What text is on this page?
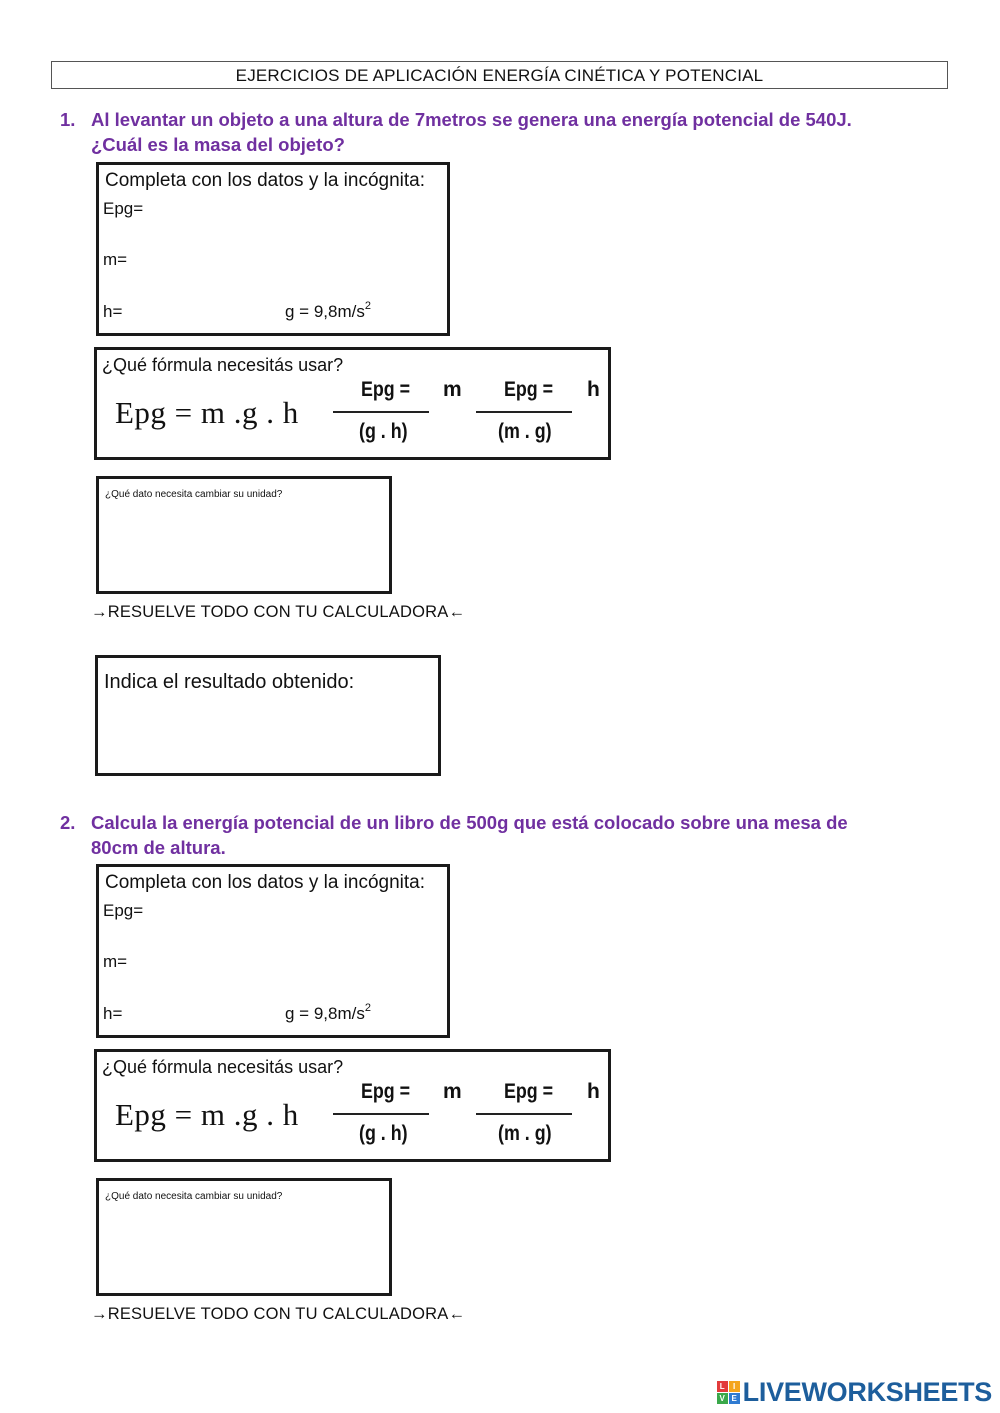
EJERCICIOS DE APLICACIÓN ENERGÍA CINÉTICA Y POTENCIAL
1. Al levantar un objeto a una altura de 7metros se genera una energía potencial de 540J.
¿Cuál es la masa del objeto?
Completa con los datos y la incógnita:
Epg=
m=
h=	$g = 9,8m/s^2$
¿Qué fórmula necesitás usar?
Epg = m .g . h
Epg = m
(g . h)
Epg = h
(m . g)
¿Qué dato necesita cambiar su unidad?
→RESUELVE TODO CON TU CALCULADORA←
Indica el resultado obtenido:
2. Calcula la energía potencial de un libro de 500g que está colocado sobre una mesa de
80cm de altura.
Completa con los datos y la incógnita:
Epg=
m=
h=	$g = 9,8m/s^2$
¿Qué fórmula necesitás usar?
Epg = m .g . h
Epg = m
(g . h)
Epg = h
(m . g)
¿Qué dato necesita cambiar su unidad?
→RESUELVE TODO CON TU CALCULADORA←
L	I
V E LIVEWORKSHEETS
